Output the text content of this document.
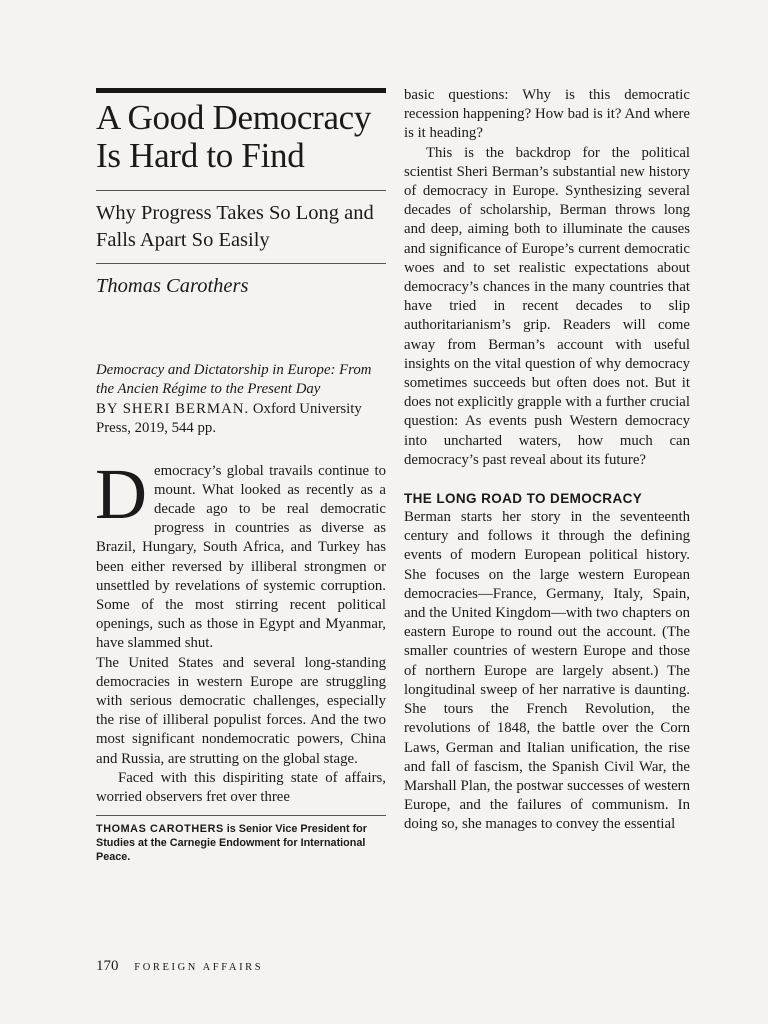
A Good Democracy Is Hard to Find
Why Progress Takes So Long and Falls Apart So Easily
Thomas Carothers
Democracy and Dictatorship in Europe: From the Ancien Régime to the Present Day
BY SHERI BERMAN. Oxford University Press, 2019, 544 pp.

Democracy’s global travails continue to mount. What looked as recently as a decade ago to be real democratic progress in countries as diverse as Brazil, Hungary, South Africa, and Turkey has been either reversed by illiberal strongmen or unsettled by revelations of systemic corruption. Some of the most stirring recent political openings, such as those in Egypt and Myanmar, have slammed shut.

The United States and several long-standing democracies in western Europe are struggling with serious democratic challenges, especially the rise of illiberal populist forces. And the two most significant nondemocratic powers, China and Russia, are strutting on the global stage.

Faced with this dispiriting state of affairs, worried observers fret over three

THOMAS CAROTHERS is Senior Vice President for Studies at the Carnegie Endowment for International Peace.
170 FOREIGN AFFAIRS

basic questions: Why is this democratic recession happening? How bad is it? And where is it heading?

This is the backdrop for the political scientist Sheri Berman’s substantial new history of democracy in Europe. Synthesizing several decades of scholarship, Berman throws long and deep, aiming both to illuminate the causes and significance of Europe’s current democratic woes and to set realistic expectations about democracy’s chances in the many countries that have tried in recent decades to slip authoritarianism’s grip. Readers will come away from Berman’s account with useful insights on the vital question of why democracy sometimes succeeds but often does not. But it does not explicitly grapple with a further crucial question: As events push Western democracy into uncharted waters, how much can democracy’s past reveal about its future?

THE LONG ROAD TO DEMOCRACY

Berman starts her story in the seventeenth century and follows it through the defining events of modern European political history. She focuses on the large western European democracies—France, Germany, Italy, Spain, and the United Kingdom—with two chapters on eastern Europe to round out the account. (The smaller countries of western Europe and those of northern Europe are largely absent.) The longitudinal sweep of her narrative is daunting. She tours the French Revolution, the revolutions of 1848, the battle over the Corn Laws, German and Italian unification, the rise and fall of fascism, the Spanish Civil War, the Marshall Plan, the postwar successes of western Europe, and the failures of communism. In doing so, she manages to convey the essential
